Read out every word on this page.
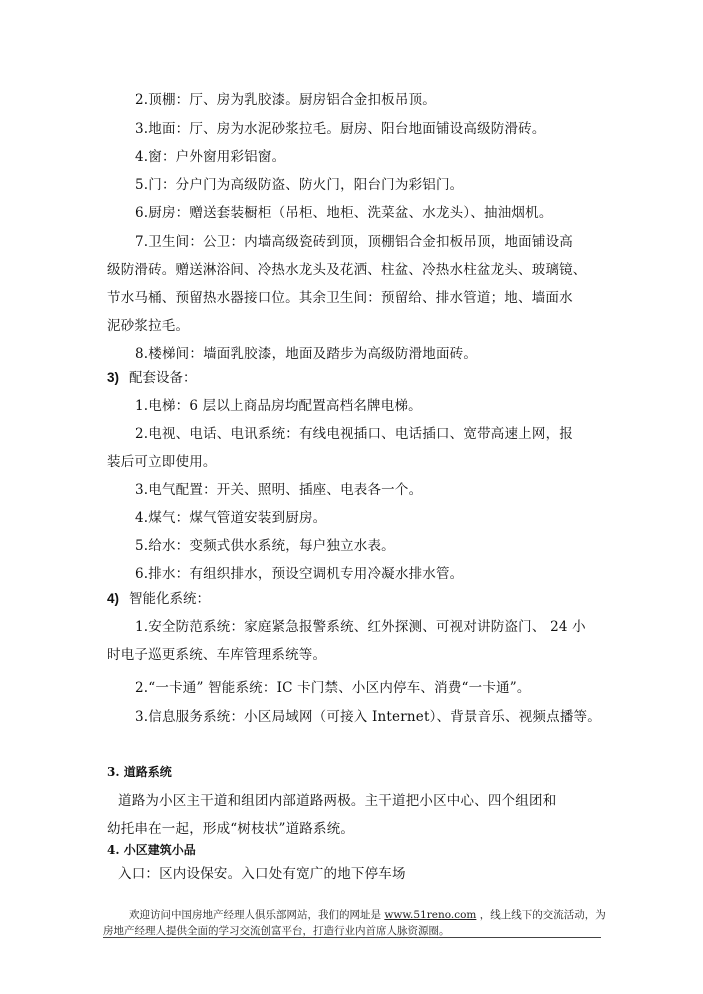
2.顶棚：厅、房为乳胶漆。厨房铝合金扣板吊顶。
3.地面：厅、房为水泥砂浆拉毛。厨房、阳台地面铺设高级防滑砖。
4.窗：户外窗用彩铝窗。
5.门：分户门为高级防盗、防火门，阳台门为彩铝门。
6.厨房：赠送套装橱柜（吊柜、地柜、洗菜盆、水龙头）、抽油烟机。
7.卫生间：公卫：内墙高级瓷砖到顶，顶棚铝合金扣板吊顶，地面铺设高
级防滑砖。赠送淋浴间、冷热水龙头及花洒、柱盆、冷热水柱盆龙头、玻璃镜、
节水马桶、预留热水器接口位。其余卫生间：预留给、排水管道；地、墙面水
泥砂浆拉毛。
8.楼梯间：墙面乳胶漆，地面及踏步为高级防滑地面砖。
3) 配套设备：
1.电梯：6 层以上商品房均配置高档名牌电梯。
2.电视、电话、电讯系统：有线电视插口、电话插口、宽带高速上网，报
装后可立即使用。
3.电气配置：开关、照明、插座、电表各一个。
4.煤气：煤气管道安装到厨房。
5.给水：变频式供水系统，每户独立水表。
6.排水：有组织排水，预设空调机专用冷凝水排水管。
4) 智能化系统：
1.安全防范系统：家庭紧急报警系统、红外探测、可视对讲防盗门、 24 小
时电子巡更系统、车库管理系统等。
2.“一卡通” 智能系统：IC 卡门禁、小区内停车、消费“一卡通”。
3.信息服务系统：小区局域网（可接入 Internet）、背景音乐、视频点播等。
3. 道路系统
道路为小区主干道和组团内部道路两极。主干道把小区中心、四个组团和
幼托串在一起，形成“树枝状”道路系统。
4. 小区建筑小品
入口：区内设保安。入口处有宽广的地下停车场
欢迎访问中国房地产经理人俱乐部网站，我们的网址是 www.51reno.com ，线上线下的交流活动，为
房地产经理人提供全面的学习交流创富平台，打造行业内首席人脉资源圈。
